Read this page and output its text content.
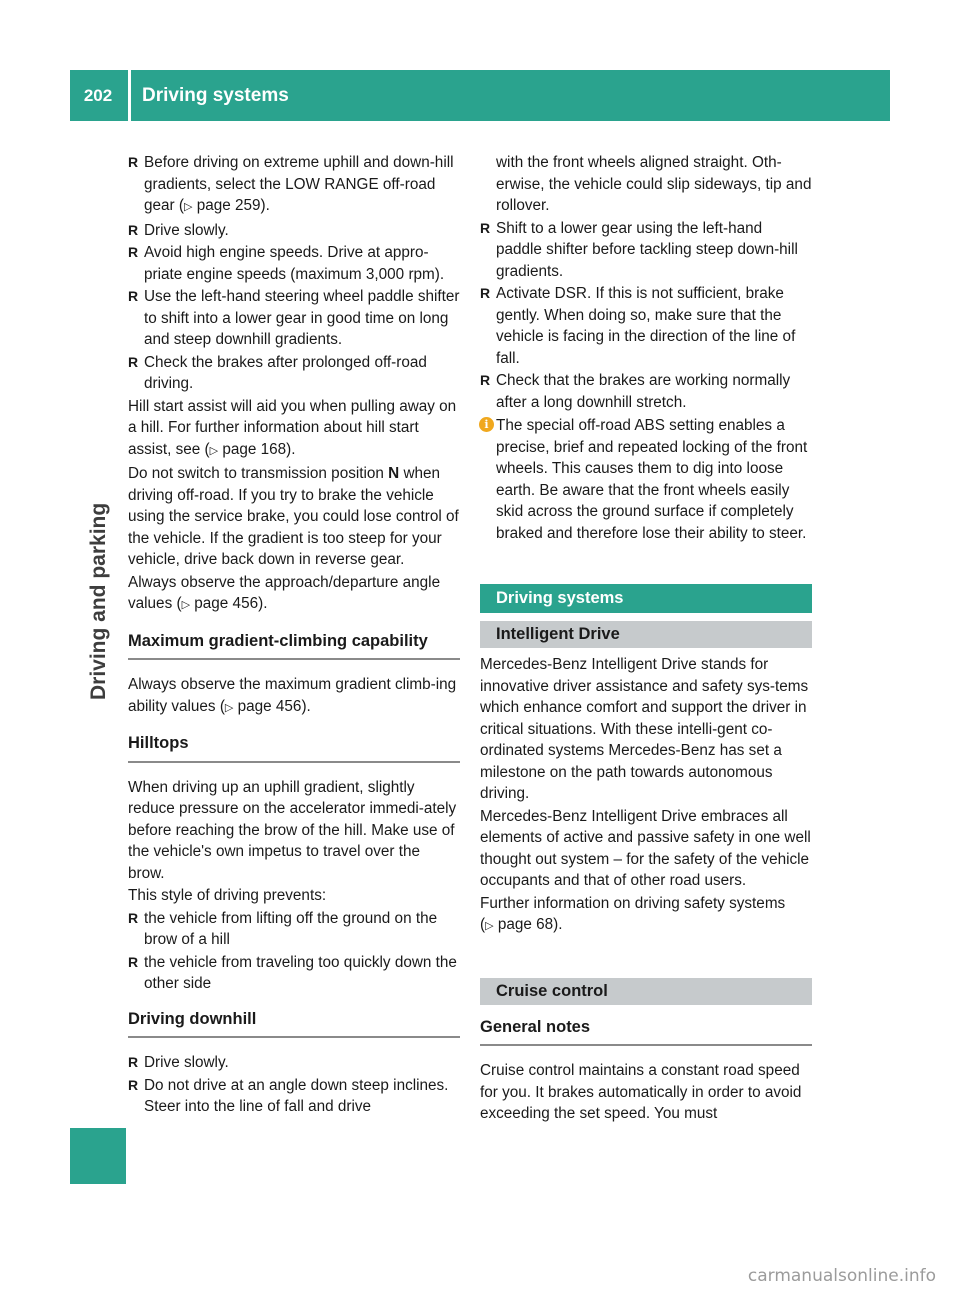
202	Driving systems
Driving and parking

R Before driving on extreme uphill and down-hill gradients, select the LOW RANGE off-road gear (▷ page 259).

R Drive slowly.

R Avoid high engine speeds. Drive at appro-priate engine speeds (maximum 3,000 rpm).

R Use the left-hand steering wheel paddle shifter to shift into a lower gear in good time on long and steep downhill gradients.

R Check the brakes after prolonged off-road driving.

Hill start assist will aid you when pulling away on a hill. For further information about hill start assist, see (▷ page 168).

Do not switch to transmission position N when driving off-road. If you try to brake the vehicle using the service brake, you could lose control of the vehicle. If the gradient is too steep for your vehicle, drive back down in reverse gear.

Always observe the approach/departure angle values (▷ page 456).

Maximum gradient-climbing capability

Always observe the maximum gradient climb-ing ability values (▷ page 456).

Hilltops

When driving up an uphill gradient, slightly reduce pressure on the accelerator immedi-ately before reaching the brow of the hill. Make use of the vehicle's own impetus to travel over the brow.

This style of driving prevents:

R the vehicle from lifting off the ground on the brow of a hill

R the vehicle from traveling too quickly down the other side

Driving downhill

R Drive slowly.

R Do not drive at an angle down steep inclines. Steer into the line of fall and drive

with the front wheels aligned straight. Oth-erwise, the vehicle could slip sideways, tip and rollover.

R Shift to a lower gear using the left-hand paddle shifter before tackling steep down-hill gradients.

R Activate DSR. If this is not sufficient, brake gently. When doing so, make sure that the vehicle is facing in the direction of the line of fall.

R Check that the brakes are working normally after a long downhill stretch.

i The special off-road ABS setting enables a precise, brief and repeated locking of the front wheels. This causes them to dig into loose earth. Be aware that the front wheels easily skid across the ground surface if completely braked and therefore lose their ability to steer.

Driving systems
Intelligent Drive

Mercedes-Benz Intelligent Drive stands for innovative driver assistance and safety sys-tems which enhance comfort and support the driver in critical situations. With these intelli-gent co-ordinated systems Mercedes-Benz has set a milestone on the path towards autonomous driving.

Mercedes-Benz Intelligent Drive embraces all elements of active and passive safety in one well thought out system – for the safety of the vehicle occupants and that of other road users.

Further information on driving safety systems (▷ page 68).

Cruise control
General notes

Cruise control maintains a constant road speed for you. It brakes automatically in order to avoid exceeding the set speed. You must

carmanualsonline.info
